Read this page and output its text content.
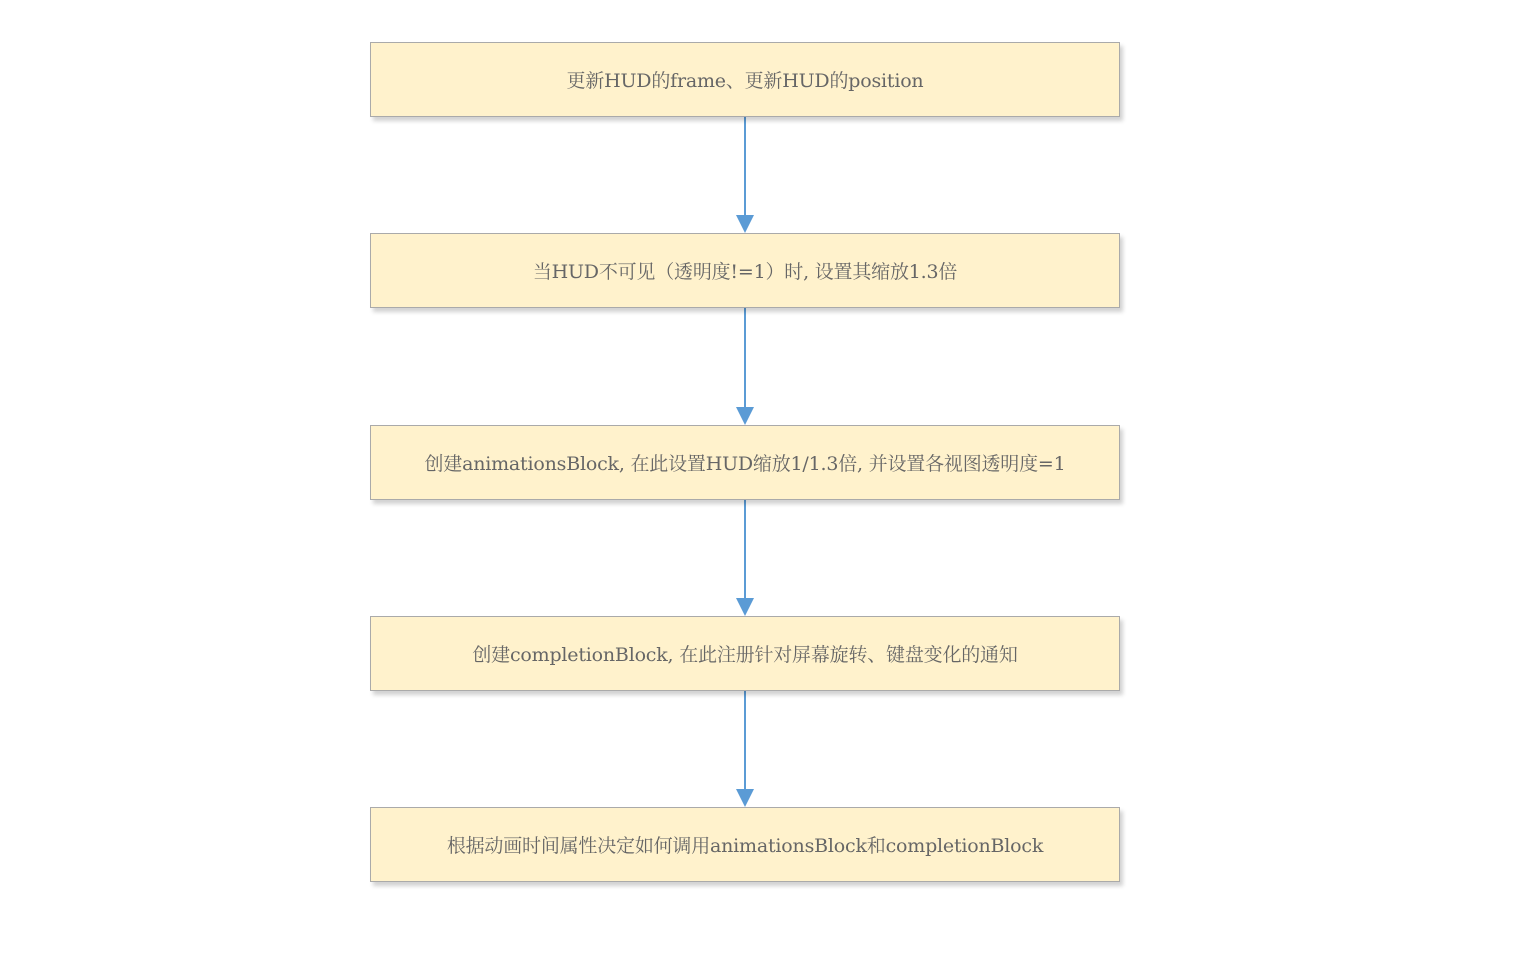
更新HUD的frame、更新HUD的position
当HUD不可见（透明度!=1）时, 设置其缩放1.3倍
创建animationsBlock, 在此设置HUD缩放1/1.3倍, 并设置各视图透明度=1
创建completionBlock, 在此注册针对屏幕旋转、键盘变化的通知
根据动画时间属性决定如何调用animationsBlock和completionBlock
